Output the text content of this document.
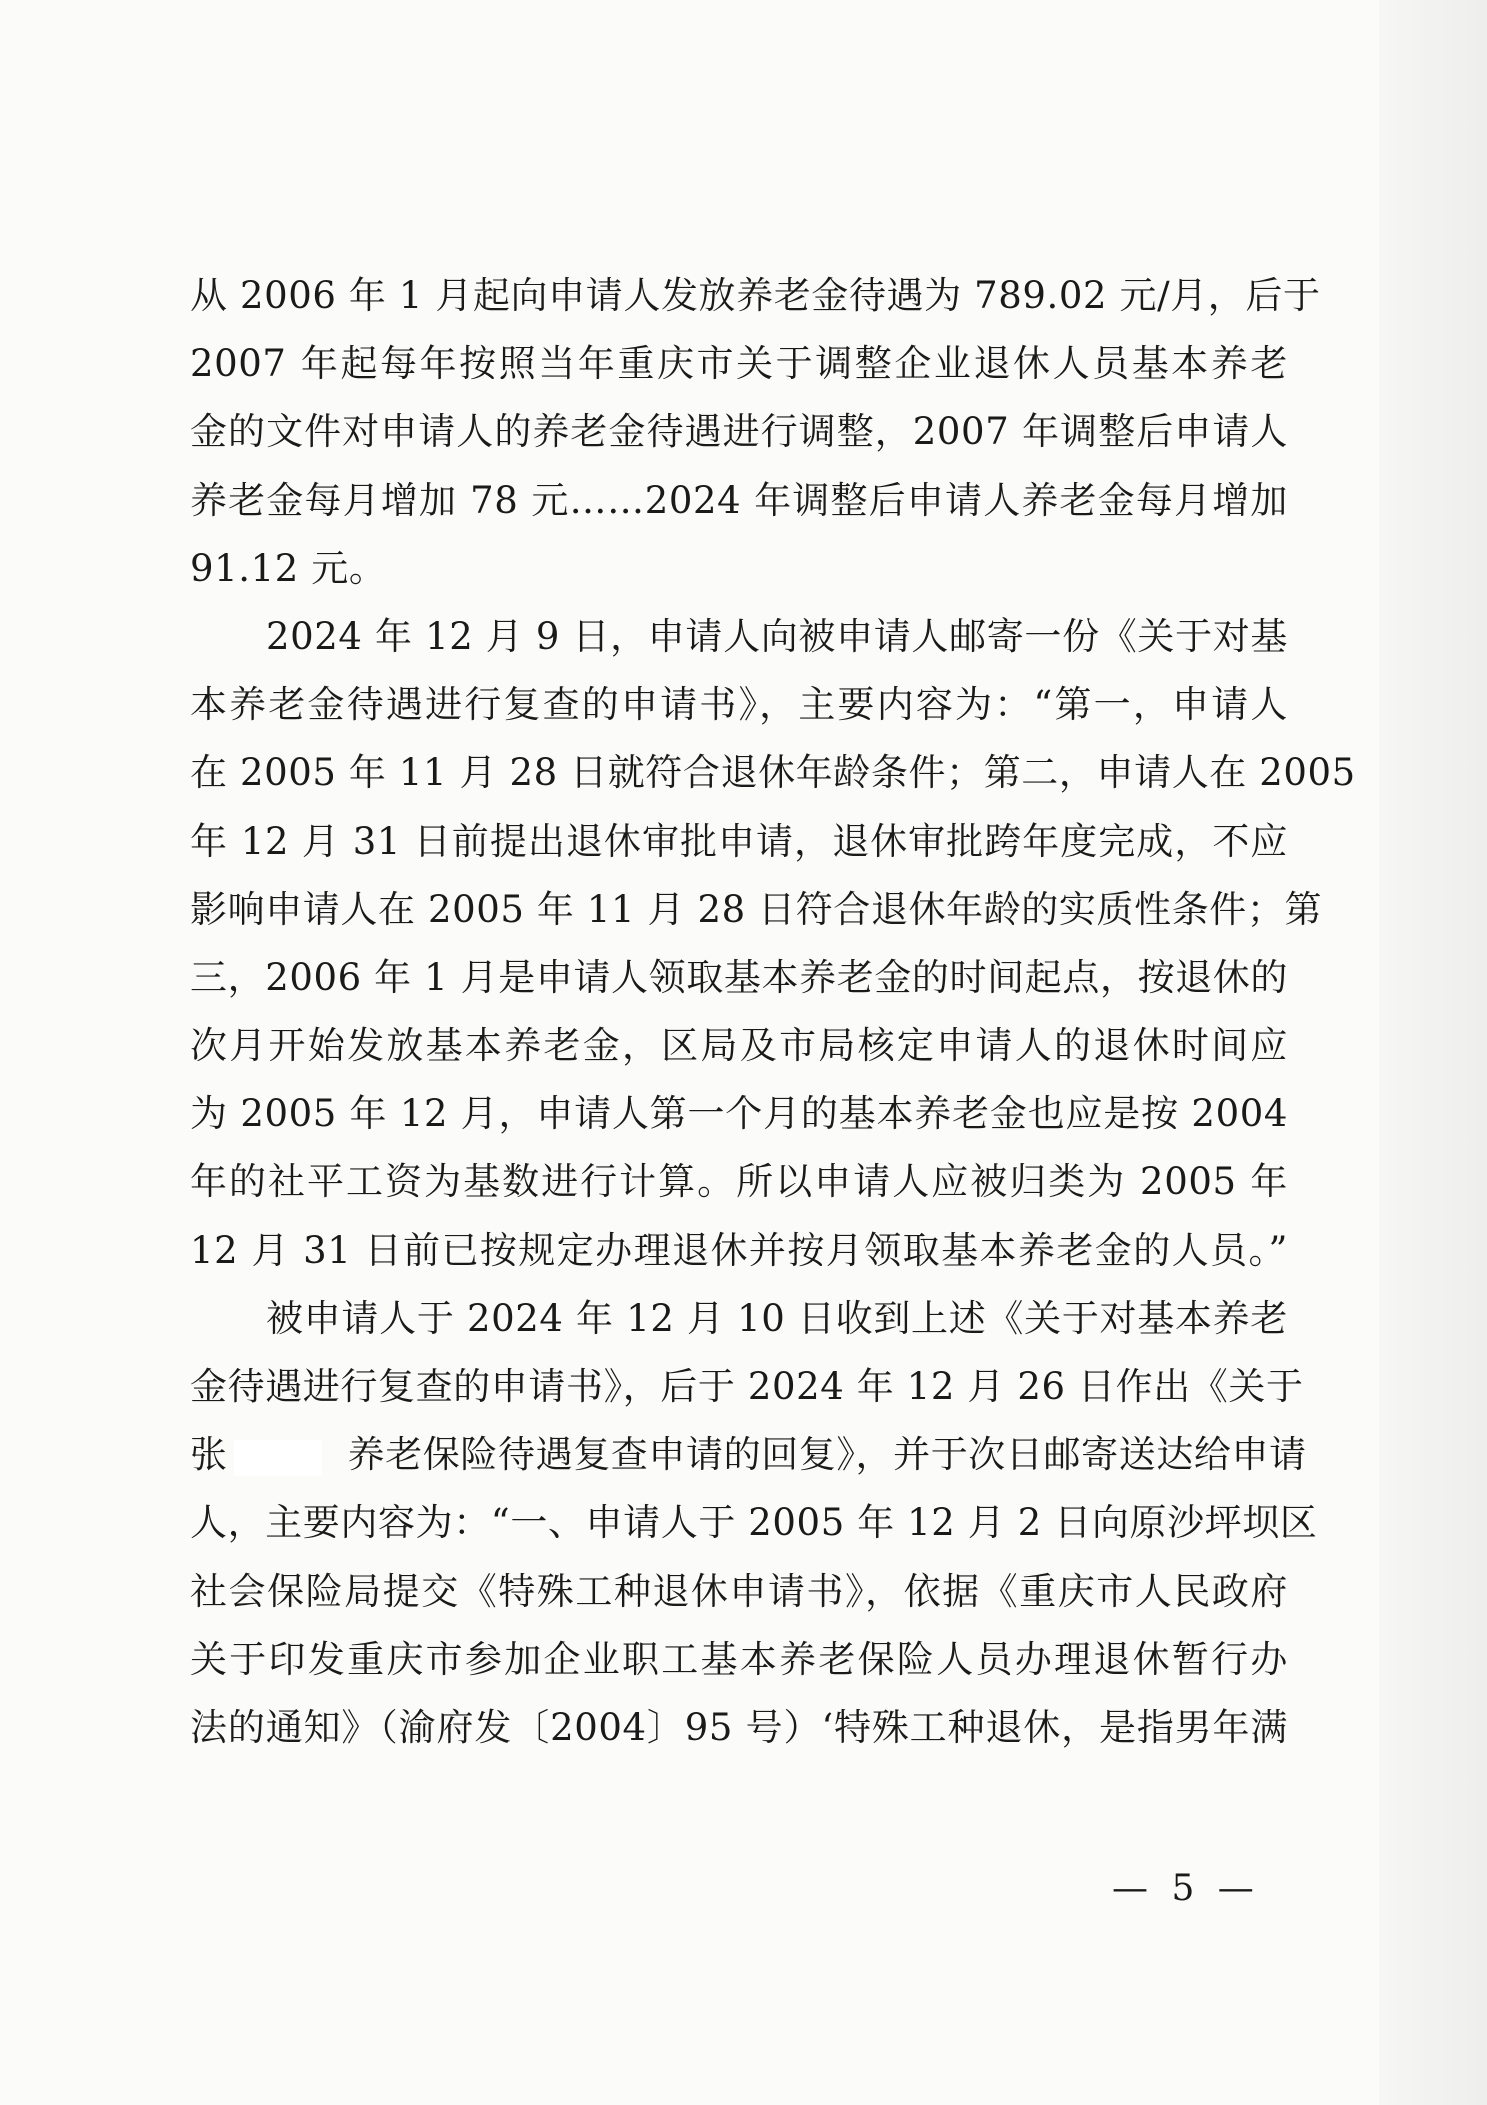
从 2006 年 1 月起向申请人发放养老金待遇为 789.02 元/月，后于
2007 年起每年按照当年重庆市关于调整企业退休人员基本养老
金的文件对申请人的养老金待遇进行调整，2007 年调整后申请人
养老金每月增加 78 元……2024 年调整后申请人养老金每月增加
91.12 元。
2024 年 12 月 9 日，申请人向被申请人邮寄一份《关于对基
本养老金待遇进行复查的申请书》，主要内容为：“第一，申请人
在 2005 年 11 月 28 日就符合退休年龄条件；第二，申请人在 2005
年 12 月 31 日前提出退休审批申请，退休审批跨年度完成，不应
影响申请人在 2005 年 11 月 28 日符合退休年龄的实质性条件；第
三，2006 年 1 月是申请人领取基本养老金的时间起点，按退休的
次月开始发放基本养老金，区局及市局核定申请人的退休时间应
为 2005 年 12 月，申请人第一个月的基本养老金也应是按 2004
年的社平工资为基数进行计算。所以申请人应被归类为 2005 年
12 月 31 日前已按规定办理退休并按月领取基本养老金的人员。”
被申请人于 2024 年 12 月 10 日收到上述《关于对基本养老
金待遇进行复查的申请书》，后于 2024 年 12 月 26 日作出《关于
张	养老保险待遇复查申请的回复》，并于次日邮寄送达给申请
人，主要内容为：“一、申请人于 2005 年 12 月 2 日向原沙坪坝区
社会保险局提交《特殊工种退休申请书》，依据《重庆市人民政府
关于印发重庆市参加企业职工基本养老保险人员办理退休暂行办
法的通知》（渝府发〔2004〕95 号）‘特殊工种退休，是指男年满
— 5 —
